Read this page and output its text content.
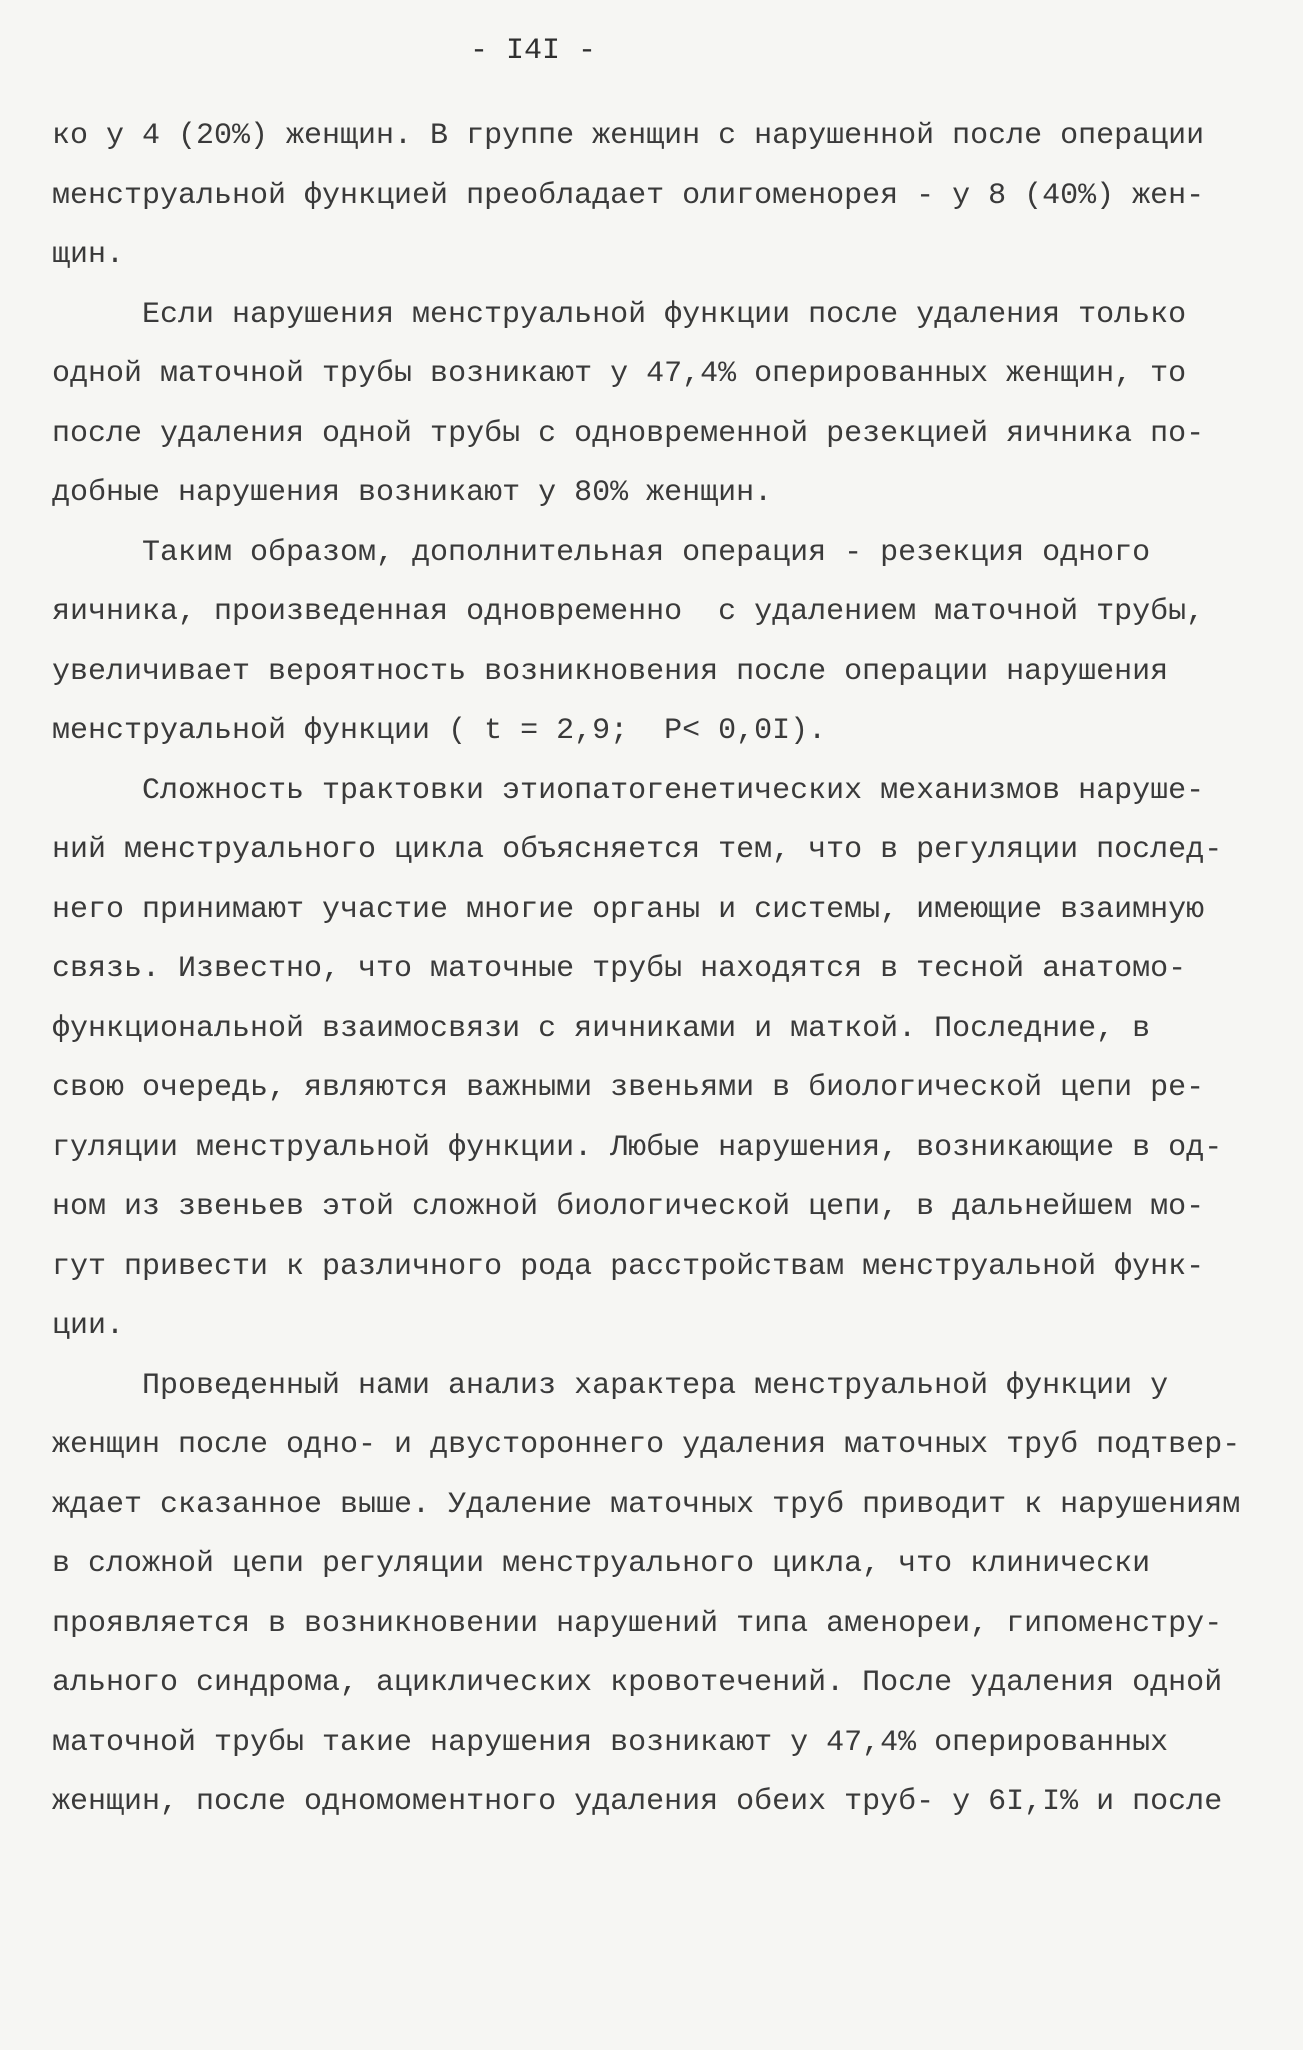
- I4I -
ко у 4 (20%) женщин. В группе женщин с нарушенной после операции
менструальной функцией преобладает олигоменорея - у 8 (40%) жен-
щин.
Если нарушения менструальной функции после удаления только
одной маточной трубы возникают у 47,4% оперированных женщин, то
после удаления одной трубы с одновременной резекцией яичника по-
добные нарушения возникают у 80% женщин.
Таким образом, дополнительная операция - резекция одного
яичника, произведенная одновременно  с удалением маточной трубы,
увеличивает вероятность возникновения после операции нарушения
менструальной функции ( t = 2,9;  P< 0,0I).
Сложность трактовки этиопатогенетических механизмов наруше-
ний менструального цикла объясняется тем, что в регуляции послед-
него принимают участие многие органы и системы, имеющие взаимную
связь. Известно, что маточные трубы находятся в тесной анатомо-
функциональной взаимосвязи с яичниками и маткой. Последние, в
свою очередь, являются важными звеньями в биологической цепи ре-
гуляции менструальной функции. Любые нарушения, возникающие в од-
ном из звеньев этой сложной биологической цепи, в дальнейшем мо-
гут привести к различного рода расстройствам менструальной функ-
ции.
Проведенный нами анализ характера менструальной функции у
женщин после одно- и двустороннего удаления маточных труб подтвер-
ждает сказанное выше. Удаление маточных труб приводит к нарушениям
в сложной цепи регуляции менструального цикла, что клинически
проявляется в возникновении нарушений типа аменореи, гипоменстру-
ального синдрома, ациклических кровотечений. После удаления одной
маточной трубы такие нарушения возникают у 47,4% оперированных
женщин, после одномоментного удаления обеих труб- у 6I,I% и после
